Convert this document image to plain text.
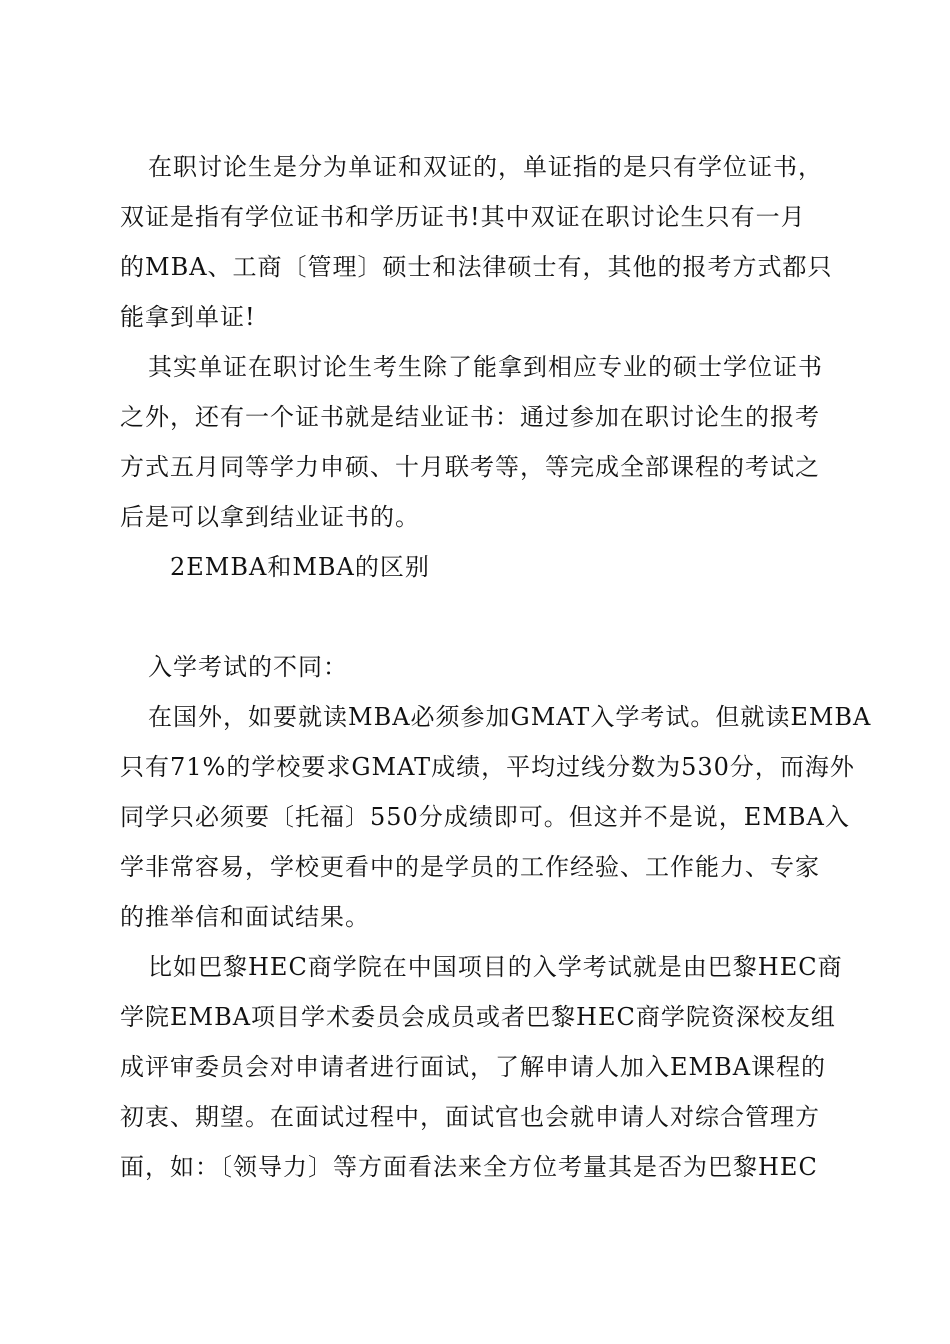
在职讨论生是分为单证和双证的，单证指的是只有学位证书，
双证是指有学位证书和学历证书!其中双证在职讨论生只有一月
的MBA、工商〔管理〕硕士和法律硕士有，其他的报考方式都只
能拿到单证!
其实单证在职讨论生考生除了能拿到相应专业的硕士学位证书
之外，还有一个证书就是结业证书：通过参加在职讨论生的报考
方式五月同等学力申硕、十月联考等，等完成全部课程的考试之
后是可以拿到结业证书的。
2EMBA和MBA的区别
入学考试的不同：
在国外，如要就读MBA必须参加GMAT入学考试。但就读EMBA
只有71%的学校要求GMAT成绩，平均过线分数为530分，而海外
同学只必须要〔托福〕550分成绩即可。但这并不是说，EMBA入
学非常容易，学校更看中的是学员的工作经验、工作能力、专家
的推举信和面试结果。
比如巴黎HEC商学院在中国项目的入学考试就是由巴黎HEC商
学院EMBA项目学术委员会成员或者巴黎HEC商学院资深校友组
成评审委员会对申请者进行面试，了解申请人加入EMBA课程的
初衷、期望。在面试过程中，面试官也会就申请人对综合管理方
面，如：〔领导力〕等方面看法来全方位考量其是否为巴黎HEC
